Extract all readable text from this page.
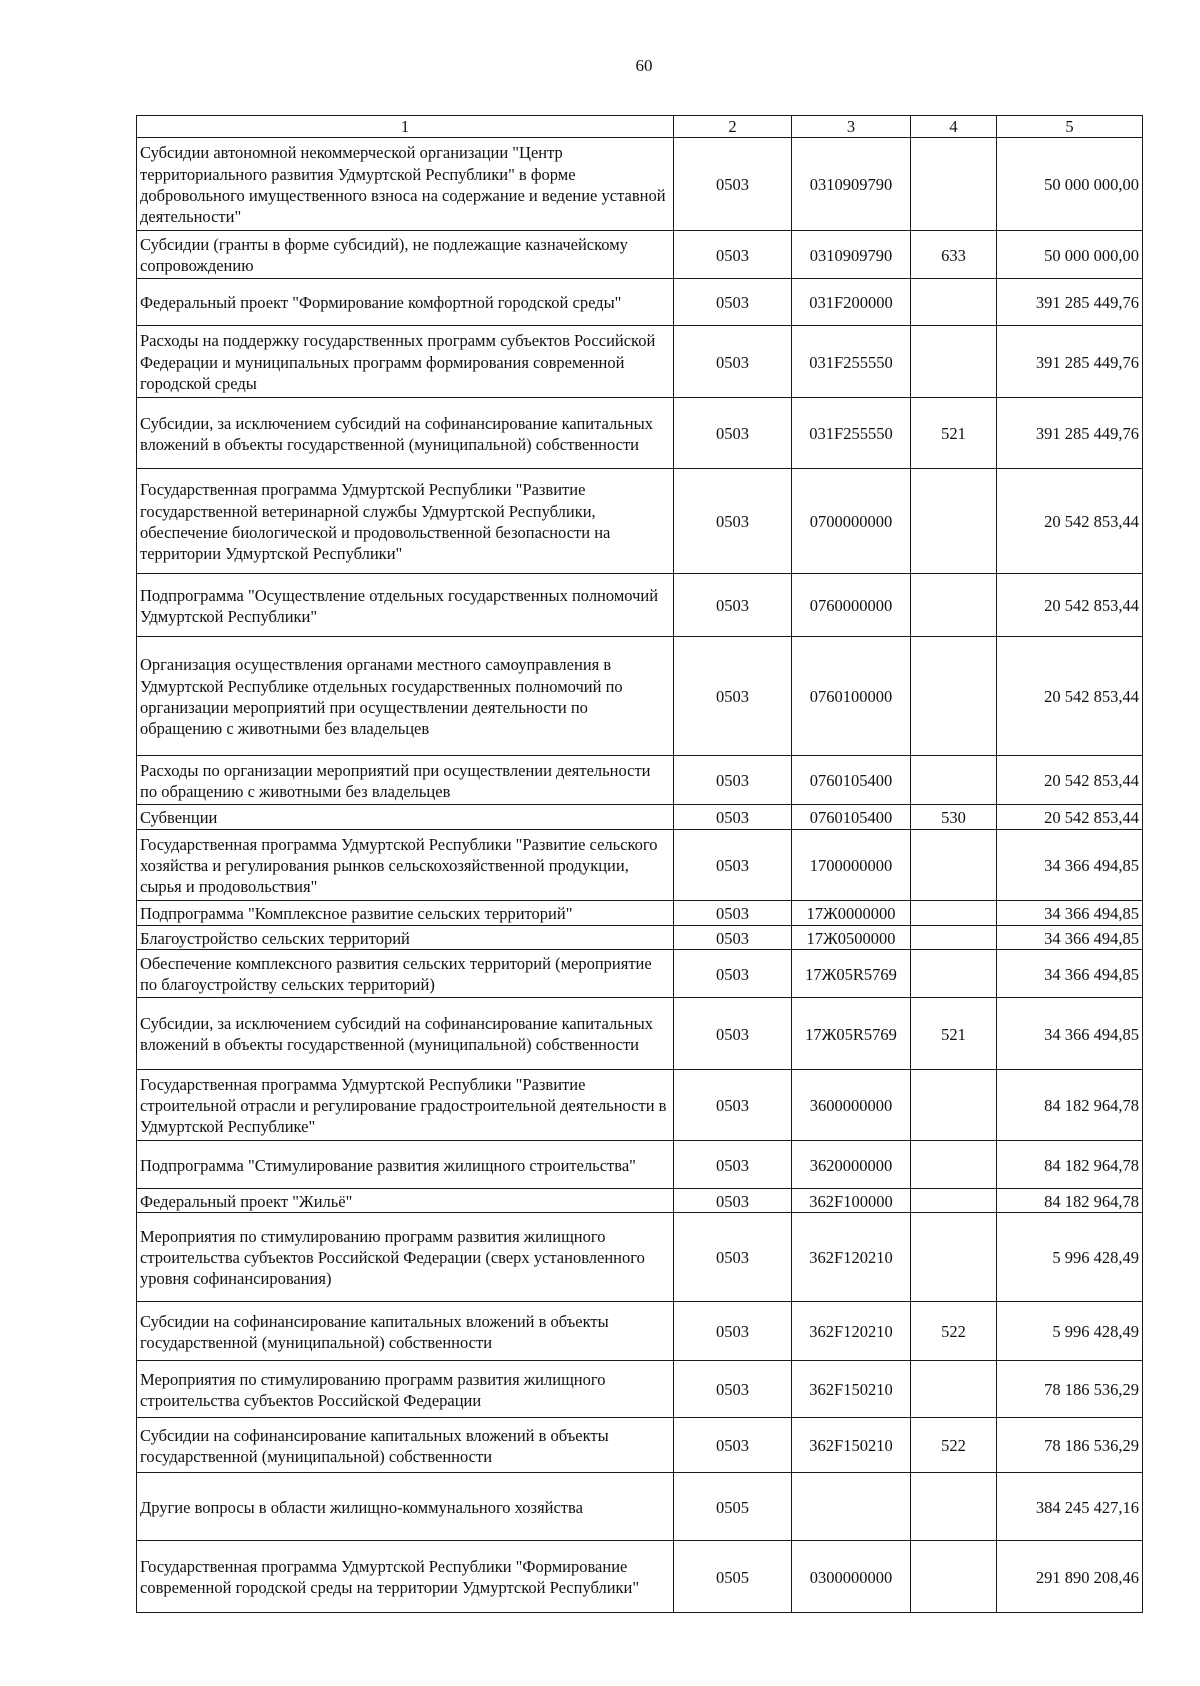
60
1	2	3	4	5
Субсидии автономной некоммерческой организации "Центр территориального развития Удмуртской Республики" в форме добровольного имущественного взноса на содержание и ведение уставной деятельности"	0503	0310909790		50 000 000,00
Субсидии (гранты в форме субсидий), не подлежащие казначейскому сопровождению	0503	0310909790	633	50 000 000,00
Федеральный проект "Формирование комфортной городской среды"	0503	031F200000		391 285 449,76
Расходы на поддержку государственных программ субъектов Российской Федерации и муниципальных программ формирования современной городской среды	0503	031F255550		391 285 449,76
Субсидии, за исключением субсидий на софинансирование капитальных вложений в объекты государственной (муниципальной) собственности	0503	031F255550	521	391 285 449,76
Государственная программа Удмуртской Республики "Развитие государственной ветеринарной службы Удмуртской Республики, обеспечение биологической и продовольственной безопасности на территории Удмуртской Республики"	0503	0700000000		20 542 853,44
Подпрограмма "Осуществление отдельных государственных полномочий Удмуртской Республики"	0503	0760000000		20 542 853,44
Организация осуществления органами местного самоуправления в Удмуртской Республике отдельных государственных полномочий по организации мероприятий при осуществлении деятельности по обращению с животными без владельцев	0503	0760100000		20 542 853,44
Расходы по организации мероприятий при осуществлении деятельности по обращению с животными без владельцев	0503	0760105400		20 542 853,44
Субвенции	0503	0760105400	530	20 542 853,44
Государственная программа Удмуртской Республики "Развитие сельского хозяйства и регулирования рынков сельскохозяйственной продукции, сырья и продовольствия"	0503	1700000000		34 366 494,85
Подпрограмма "Комплексное развитие сельских территорий"	0503	17Ж0000000		34 366 494,85
Благоустройство сельских территорий	0503	17Ж0500000		34 366 494,85
Обеспечение комплексного развития сельских территорий (мероприятие по благоустройству сельских территорий)	0503	17Ж05R5769		34 366 494,85
Субсидии, за исключением субсидий на софинансирование капитальных вложений в объекты государственной (муниципальной) собственности	0503	17Ж05R5769	521	34 366 494,85
Государственная программа Удмуртской Республики "Развитие строительной отрасли и регулирование градостроительной деятельности в Удмуртской Республике"	0503	3600000000		84 182 964,78
Подпрограмма "Стимулирование развития жилищного строительства"	0503	3620000000		84 182 964,78
Федеральный проект "Жильё"	0503	362F100000		84 182 964,78
Мероприятия по стимулированию программ развития жилищного строительства субъектов Российской Федерации (сверх установленного уровня софинансирования)	0503	362F120210		5 996 428,49
Субсидии на софинансирование капитальных вложений в объекты государственной (муниципальной) собственности	0503	362F120210	522	5 996 428,49
Мероприятия по стимулированию программ развития жилищного строительства субъектов Российской Федерации	0503	362F150210		78 186 536,29
Субсидии на софинансирование капитальных вложений в объекты государственной (муниципальной) собственности	0503	362F150210	522	78 186 536,29
Другие вопросы в области жилищно-коммунального хозяйства	0505			384 245 427,16
Государственная программа Удмуртской Республики "Формирование современной городской среды на территории Удмуртской Республики"	0505	0300000000		291 890 208,46
